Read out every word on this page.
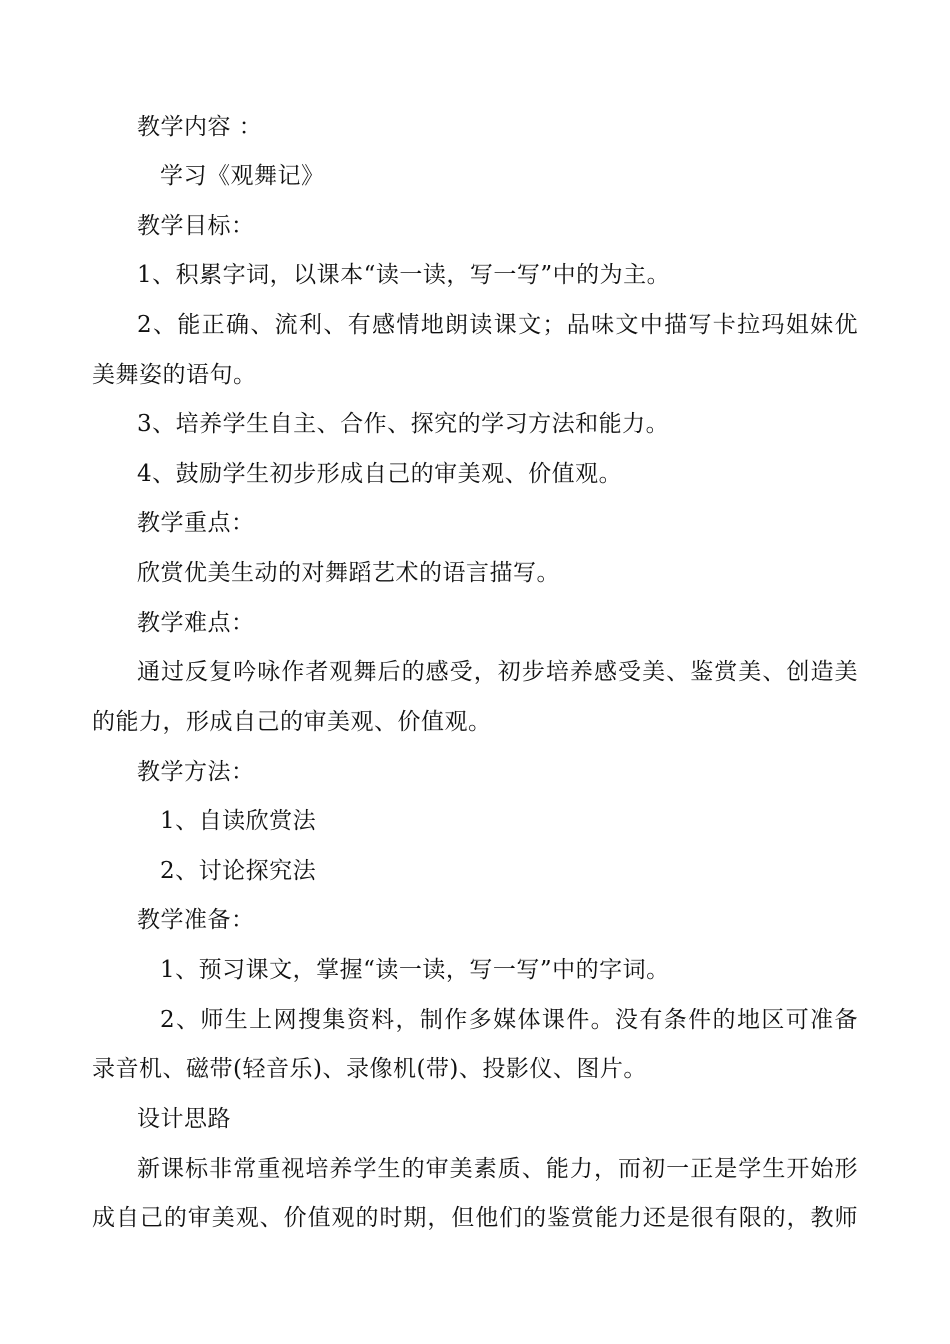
教学内容 ：
学习《观舞记》
教学目标：
1、积累字词，以课本“读一读，写一写”中的为主。
2、能正确、流利、有感情地朗读课文；品味文中描写卡拉玛姐妹优
美舞姿的语句。
3、培养学生自主、合作、探究的学习方法和能力。
4、鼓励学生初步形成自己的审美观、价值观。
教学重点：
欣赏优美生动的对舞蹈艺术的语言描写。
教学难点：
通过反复吟咏作者观舞后的感受，初步培养感受美、鉴赏美、创造美
的能力，形成自己的审美观、价值观。
教学方法：
1、自读欣赏法
2、讨论探究法
教学准备：
1、预习课文，掌握“读一读，写一写”中的字词。
2、师生上网搜集资料，制作多媒体课件。没有条件的地区可准备
录音机、磁带(轻音乐)、录像机(带)、投影仪、图片。
设计思路
新课标非常重视培养学生的审美素质、能力，而初一正是学生开始形
成自己的审美观、价值观的时期，但他们的鉴赏能力还是很有限的，教师
